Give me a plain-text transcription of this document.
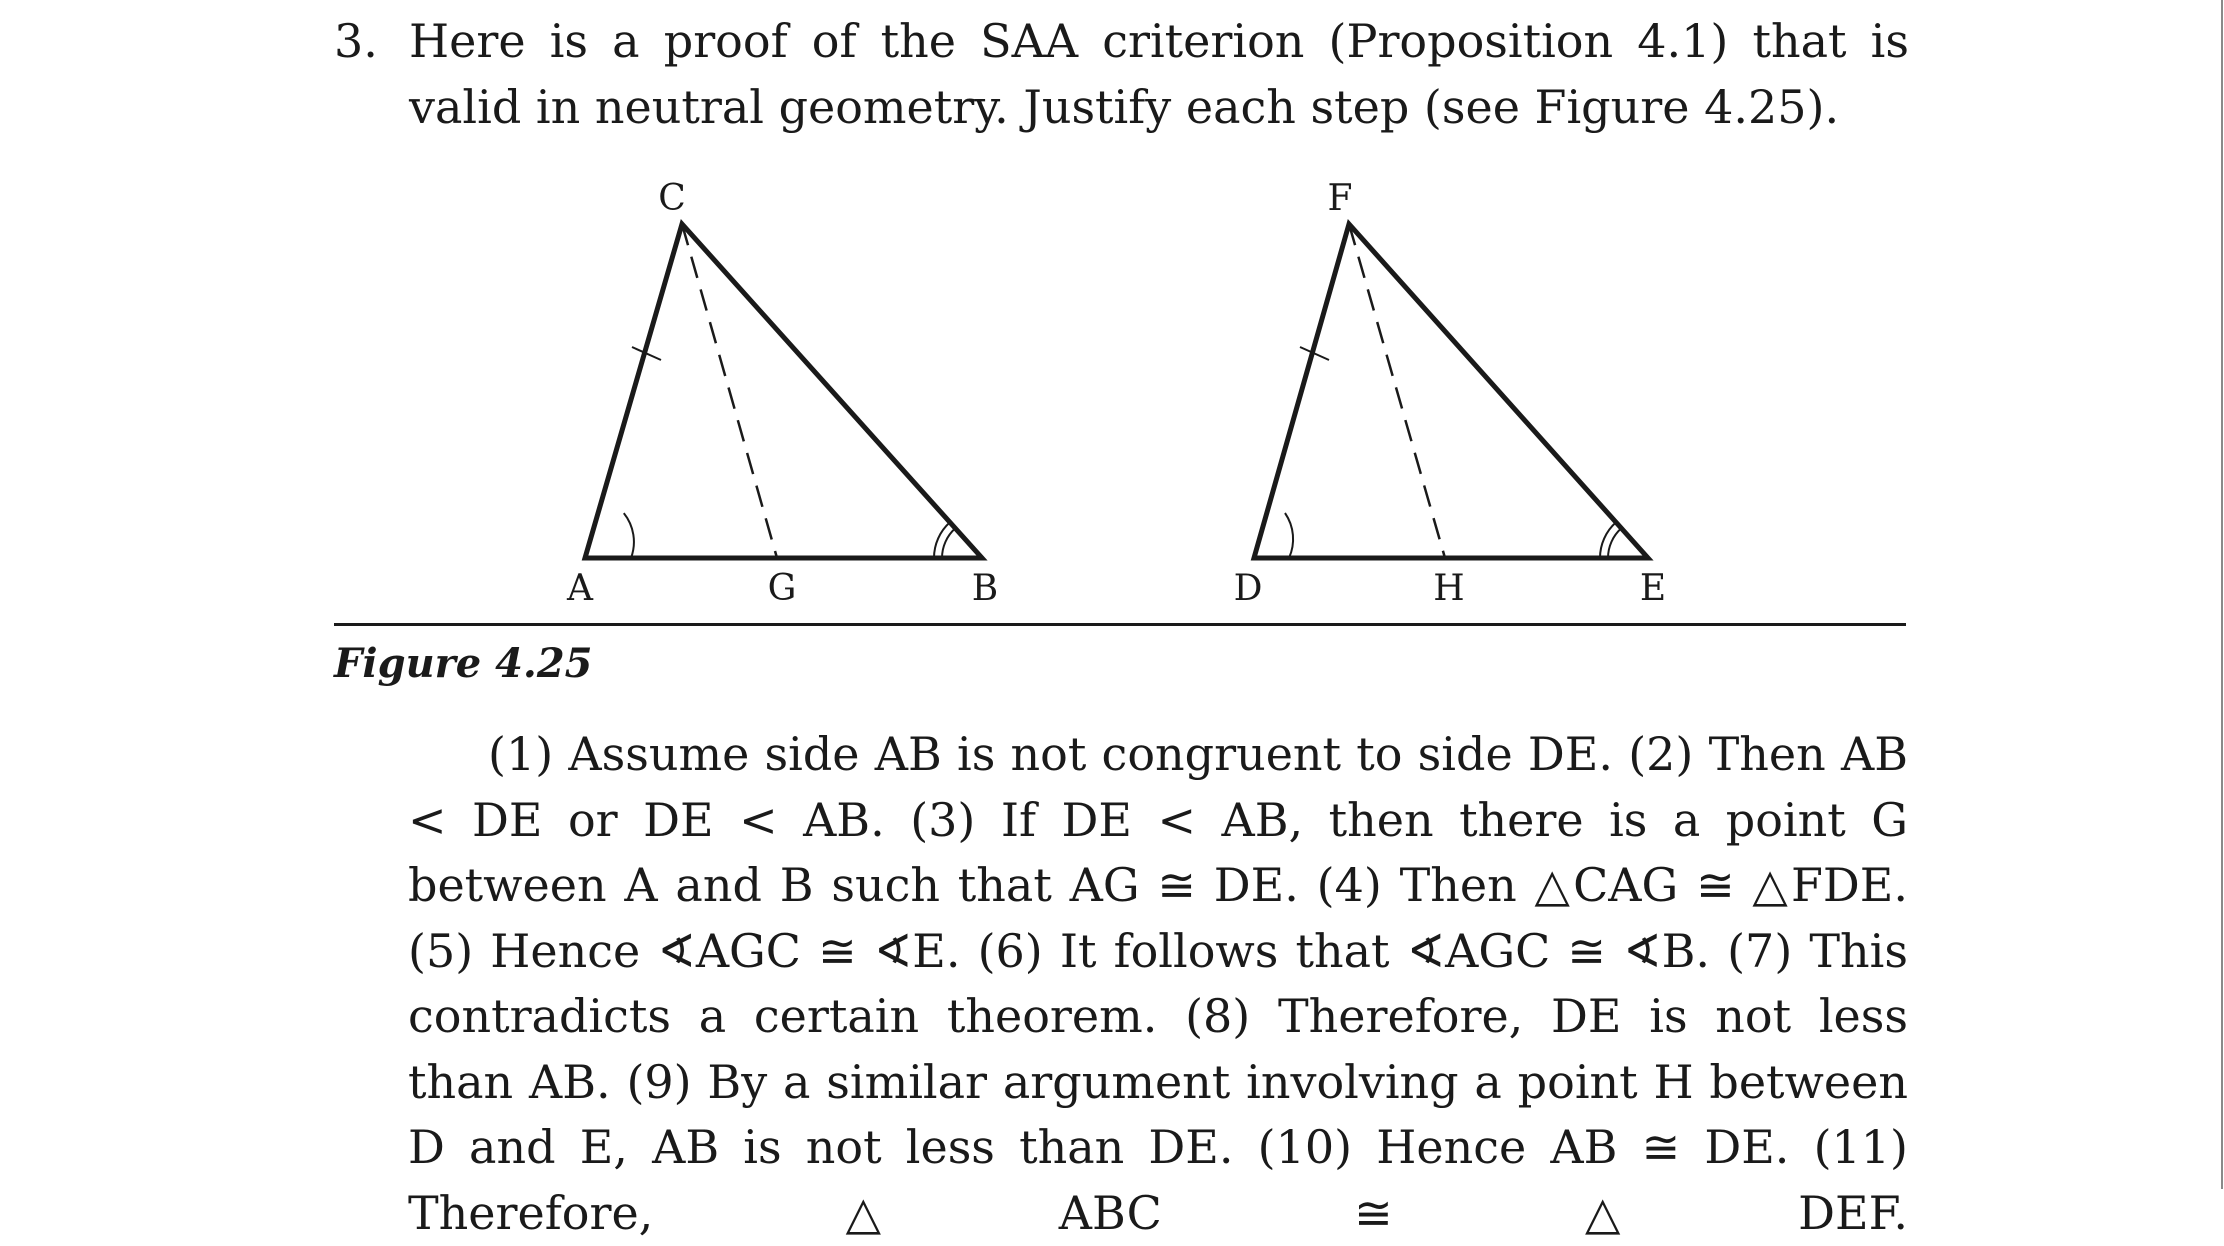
3. Here is a proof of the SAA criterion (Proposition 4.1) that is valid in neutral geometry. Justify each step (see Figure 4.25).
C
A	G	B
F
D	H	E
Figure 4.25
(1) Assume side AB is not congruent to side DE. (2) Then AB < DE or DE < AB. (3) If DE < AB, then there is a point G between A and B such that AG ≅ DE. (4) Then △CAG ≅ △FDE. (5) Hence ∢AGC ≅ ∢E. (6) It follows that ∢AGC ≅ ∢B. (7) This contradicts a certain theorem. (8) Therefore, DE is not less than AB. (9) By a similar argument involving a point H between D and E, AB is not less than DE. (10) Hence AB ≅ DE. (11) Therefore, △ABC ≅ △DEF.
